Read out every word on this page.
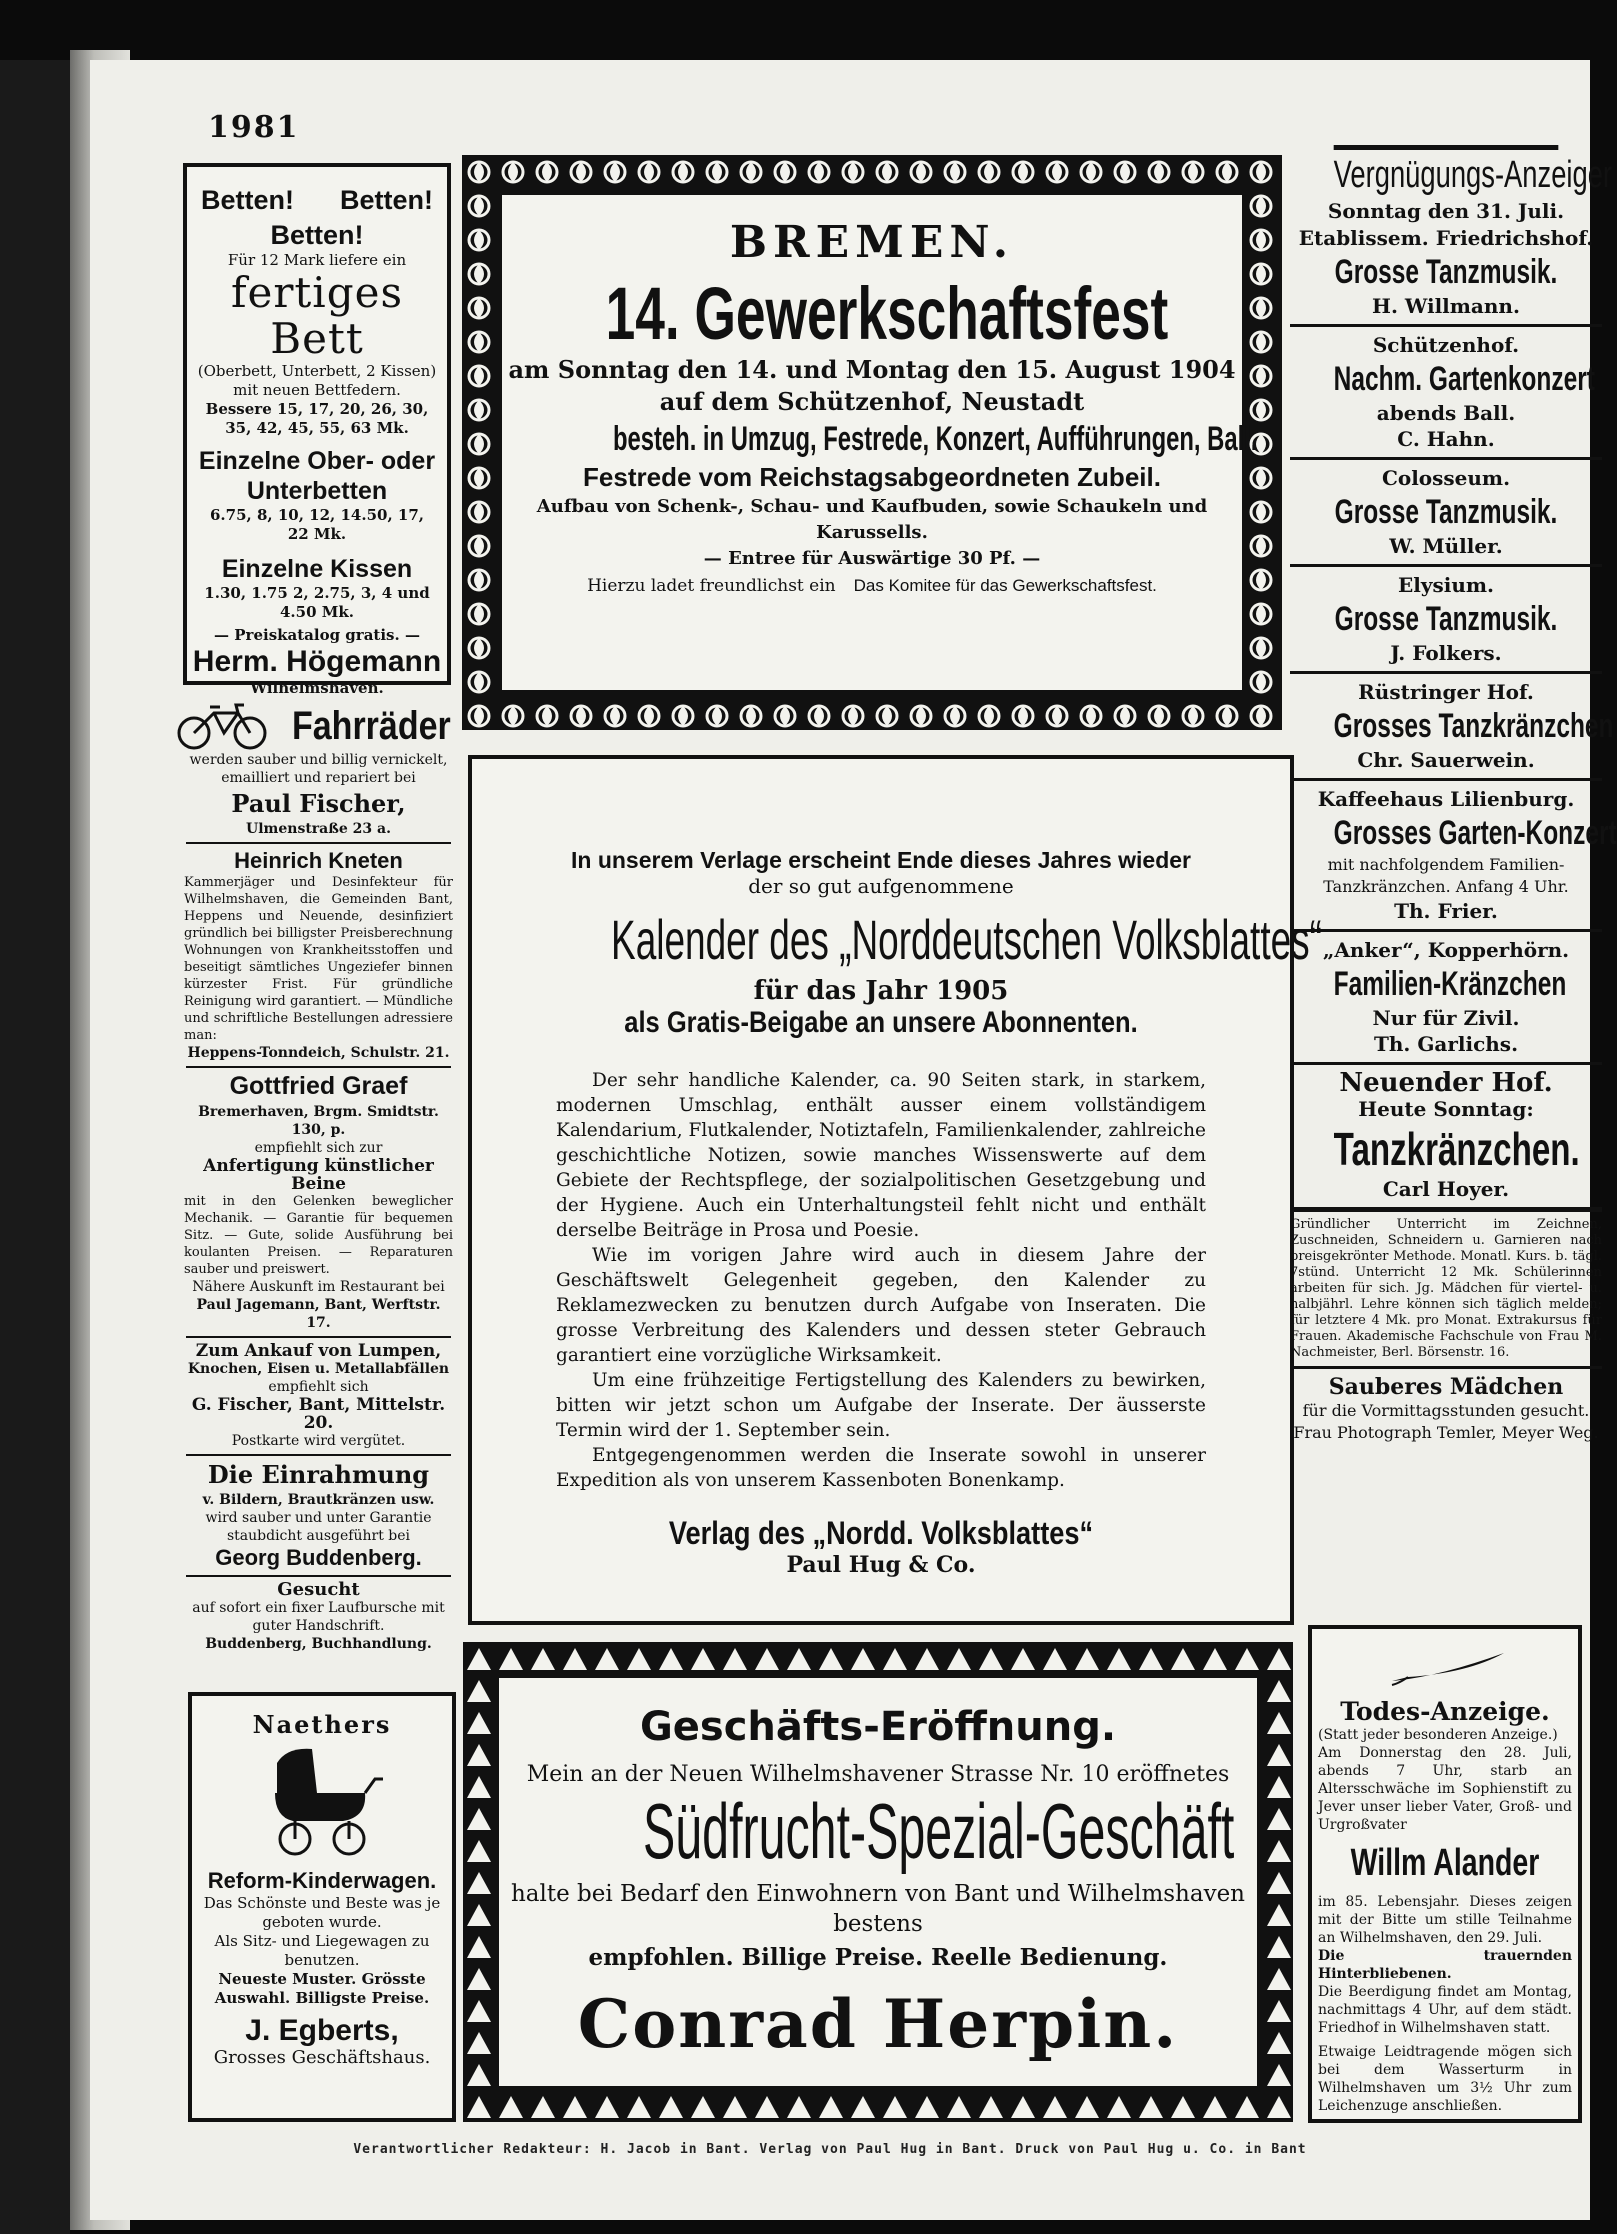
1981
Betten! Betten!
Betten!
Für 12 Mark liefere ein
fertiges Bett
(Oberbett, Unterbett, 2 Kissen) mit neuen Bettfedern.
Bessere 15, 17, 20, 26, 30, 35, 42, 45, 55, 63 Mk.
Einzelne Ober- oder Unterbetten
6.75, 8, 10, 12, 14.50, 17, 22 Mk.
Einzelne Kissen
1.30, 1.75 2, 2.75, 3, 4 und 4.50 Mk.
— Preiskatalog gratis. —
Herm. Högemann
Wilhelmshaven.
Fahrräder
werden sauber und billig vernickelt, emailliert und repariert bei
Paul Fischer,
Ulmenstraße 23 a.
Heinrich Kneten
Kammerjäger und Desinfekteur für Wilhelmshaven, die Gemeinden Bant, Heppens und Neuende, desinfiziert gründlich bei billigster Preisberechnung Wohnungen von Krankheitsstoffen und beseitigt sämtliches Ungeziefer binnen kürzester Frist. Für gründliche Reinigung wird garantiert. — Mündliche und schriftliche Bestellungen adressiere man:
Heppens-Tonndeich, Schulstr. 21.
Gottfried Graef
Bremerhaven, Brgm. Smidtstr. 130, p.
empfiehlt sich zur
Anfertigung künstlicher Beine
mit in den Gelenken beweglicher Mechanik. — Garantie für bequemen Sitz. — Gute, solide Ausführung bei koulanten Preisen. — Reparaturen sauber und preiswert.
Nähere Auskunft im Restaurant bei
Paul Jagemann, Bant, Werftstr. 17.
Zum Ankauf von Lumpen,
Knochen, Eisen u. Metallabfällen
empfiehlt sich
G. Fischer, Bant, Mittelstr. 20.
Postkarte wird vergütet.
Die Einrahmung
v. Bildern, Brautkränzen usw.
wird sauber und unter Garantie staubdicht ausgeführt bei
Georg Buddenberg.
Gesucht
auf sofort ein fixer Laufbursche mit guter Handschrift.
Buddenberg, Buchhandlung.
Naethers
Reform-Kinderwagen.
Das Schönste und Beste was je geboten wurde.
Als Sitz- und Liegewagen zu benutzen.
Neueste Muster. Grösste Auswahl. Billigste Preise.
J. Egberts,
Grosses Geschäftshaus.
BREMEN.
14. Gewerkschaftsfest
am Sonntag den 14. und Montag den 15. August 1904
auf dem Schützenhof, Neustadt
besteh. in Umzug, Festrede, Konzert, Aufführungen, Ball.
Festrede vom Reichstagsabgeordneten Zubeil.
Aufbau von Schenk-, Schau- und Kaufbuden, sowie Schaukeln und Karussells.
— Entree für Auswärtige 30 Pf. —
Hierzu ladet freundlichst ein Das Komitee für das Gewerkschaftsfest.
In unserem Verlage erscheint Ende dieses Jahres wieder
der so gut aufgenommene
Kalender des „Norddeutschen Volksblattes“
für das Jahr 1905
als Gratis-Beigabe an unsere Abonnenten.

Der sehr handliche Kalender, ca. 90 Seiten stark, in starkem, modernen Umschlag, enthält ausser einem vollständigem Kalendarium, Flutkalender, Notiztafeln, Familienkalender, zahlreiche geschichtliche Notizen, sowie manches Wissenswerte auf dem Gebiete der Rechtspflege, der sozialpolitischen Gesetzgebung und der Hygiene. Auch ein Unterhaltungsteil fehlt nicht und enthält derselbe Beiträge in Prosa und Poesie.

Wie im vorigen Jahre wird auch in diesem Jahre der Geschäftswelt Gelegenheit gegeben, den Kalender zu Reklamezwecken zu benutzen durch Aufgabe von Inseraten. Die grosse Verbreitung des Kalenders und dessen steter Gebrauch garantiert eine vorzügliche Wirksamkeit.

Um eine frühzeitige Fertigstellung des Kalenders zu bewirken, bitten wir jetzt schon um Aufgabe der Inserate. Der äusserste Termin wird der 1. September sein.

Entgegengenommen werden die Inserate sowohl in unserer Expedition als von unserem Kassenboten Bonenkamp.

Verlag des „Nordd. Volksblattes“
Paul Hug & Co.
Geschäfts-Eröffnung.
Mein an der Neuen Wilhelmshavener Strasse Nr. 10 eröffnetes
Südfrucht-Spezial-Geschäft
halte bei Bedarf den Einwohnern von Bant und Wilhelmshaven bestens
empfohlen. Billige Preise. Reelle Bedienung.
Conrad Herpin.
Vergnügungs-Anzeiger
Sonntag den 31. Juli.
Etablissem. Friedrichshof.
Grosse Tanzmusik.
H. Willmann.
Schützenhof.
Nachm. Gartenkonzert
abends Ball.
C. Hahn.
Colosseum.
Grosse Tanzmusik.
W. Müller.
Elysium.
Grosse Tanzmusik.
J. Folkers.
Rüstringer Hof.
Grosses Tanzkränzchen
Chr. Sauerwein.
Kaffeehaus Lilienburg.
Grosses Garten-Konzert
mit nachfolgendem Familien-Tanzkränzchen. Anfang 4 Uhr.
Th. Frier.
„Anker“, Kopperhörn.
Familien-Kränzchen
Nur für Zivil.
Th. Garlichs.
Neuender Hof.
Heute Sonntag:
Tanzkränzchen.
Carl Hoyer.
Gründlicher Unterricht im Zeichnen, Zuschneiden, Schneidern u. Garnieren nach preisgekrönter Methode. Monatl. Kurs. b. tägl. 7stünd. Unterricht 12 Mk. Schülerinnen arbeiten für sich. Jg. Mädchen für viertel- u. halbjährl. Lehre können sich täglich melden; für letztere 4 Mk. pro Monat. Extrakursus für Frauen. Akademische Fachschule von Frau M. Nachmeister, Berl. Börsenstr. 16.
Sauberes Mädchen
für die Vormittagsstunden gesucht. Frau Photograph Temler, Meyer Weg.
Todes-Anzeige.
(Statt jeder besonderen Anzeige.)
Am Donnerstag den 28. Juli, abends 7 Uhr, starb an Altersschwäche im Sophienstift zu Jever unser lieber Vater, Groß- und Urgroßvater
Willm Alander
im 85. Lebensjahr. Dieses zeigen mit der Bitte um stille Teilnahme an Wilhelmshaven, den 29. Juli.
Die trauernden Hinterbliebenen.
Die Beerdigung findet am Montag, nachmittags 4 Uhr, auf dem städt. Friedhof in Wilhelmshaven statt.
Etwaige Leidtragende mögen sich bei dem Wasserturm in Wilhelmshaven um 3½ Uhr zum Leichenzuge anschließen.
Verantwortlicher Redakteur: H. Jacob in Bant. Verlag von Paul Hug in Bant. Druck von Paul Hug u. Co. in Bant
